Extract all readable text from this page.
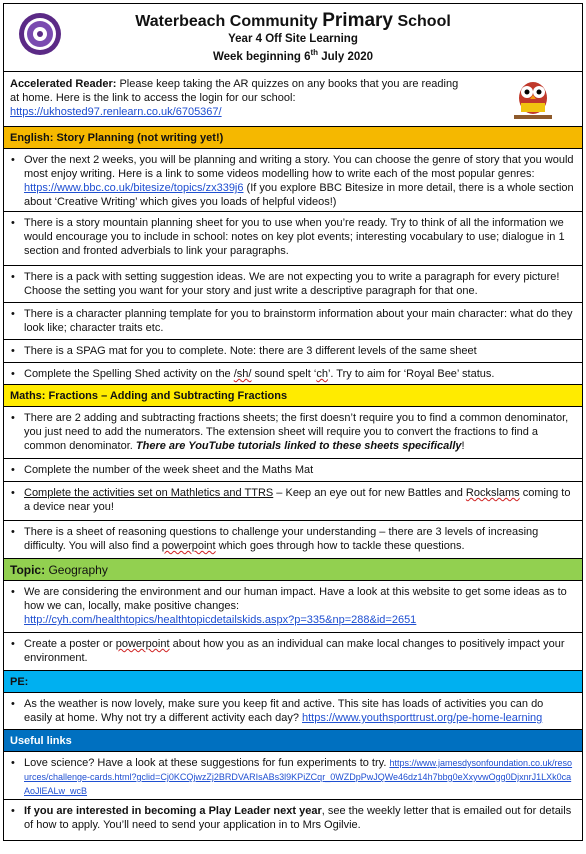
Waterbeach Community Primary School
Year 4 Off Site Learning
Week beginning 6th July 2020
Accelerated Reader: Please keep taking the AR quizzes on any books that you are reading at home. Here is the link to access the login for our school:
https://ukhosted97.renlearn.co.uk/6705367/
English: Story Planning (not writing yet!)
• Over the next 2 weeks, you will be planning and writing a story. You can choose the genre of story that you would most enjoy writing. Here is a link to some videos modelling how to write each of the most popular genres: https://www.bbc.co.uk/bitesize/topics/zx339j6 (If you explore BBC Bitesize in more detail, there is a whole section about ‘Creative Writing’ which gives you loads of helpful videos!)
• There is a story mountain planning sheet for you to use when you’re ready. Try to think of all the information we would encourage you to include in school: notes on key plot events; interesting vocabulary to use; dialogue in 1 section and fronted adverbials to link your paragraphs.
• There is a pack with setting suggestion ideas. We are not expecting you to write a paragraph for every picture! Choose the setting you want for your story and just write a descriptive paragraph for that one.
• There is a character planning template for you to brainstorm information about your main character: what do they look like; character traits etc.
• There is a SPAG mat for you to complete. Note: there are 3 different levels of the same sheet
• Complete the Spelling Shed activity on the /sh/ sound spelt ‘ch’. Try to aim for ‘Royal Bee’ status.
Maths: Fractions – Adding and Subtracting Fractions
• There are 2 adding and subtracting fractions sheets; the first doesn’t require you to find a common denominator, you just need to add the numerators. The extension sheet will require you to convert the fractions to find a common denominator. There are YouTube tutorials linked to these sheets specifically!
• Complete the number of the week sheet and the Maths Mat
• Complete the activities set on Mathletics and TTRS – Keep an eye out for new Battles and Rockslams coming to a device near you!
• There is a sheet of reasoning questions to challenge your understanding – there are 3 levels of increasing difficulty. You will also find a powerpoint which goes through how to tackle these questions.
Topic: Geography
• We are considering the environment and our human impact. Have a look at this website to get some ideas as to how we can, locally, make positive changes:
http://cyh.com/healthtopics/healthtopicdetailskids.aspx?p=335&np=288&id=2651
• Create a poster or powerpoint about how you as an individual can make local changes to positively impact your environment.
PE:
• As the weather is now lovely, make sure you keep fit and active. This site has loads of activities you can do easily at home. Why not try a different activity each day? https://www.youthsporttrust.org/pe-home-learning
Useful links
• Love science? Have a look at these suggestions for fun experiments to try. https://www.jamesdysonfoundation.co.uk/resources/challenge-cards.html?gclid=Cj0KCQjwzZj2BRDVARIsABs3l9KPiZCqr_0WZDpPwJQWe46dz14h7bbg0eXxyvwOgg0DjxnrJ1LXk0caAoJlEALw_wcB
• If you are interested in becoming a Play Leader next year, see the weekly letter that is emailed out for details of how to apply. You’ll need to send your application in to Mrs Ogilvie.
